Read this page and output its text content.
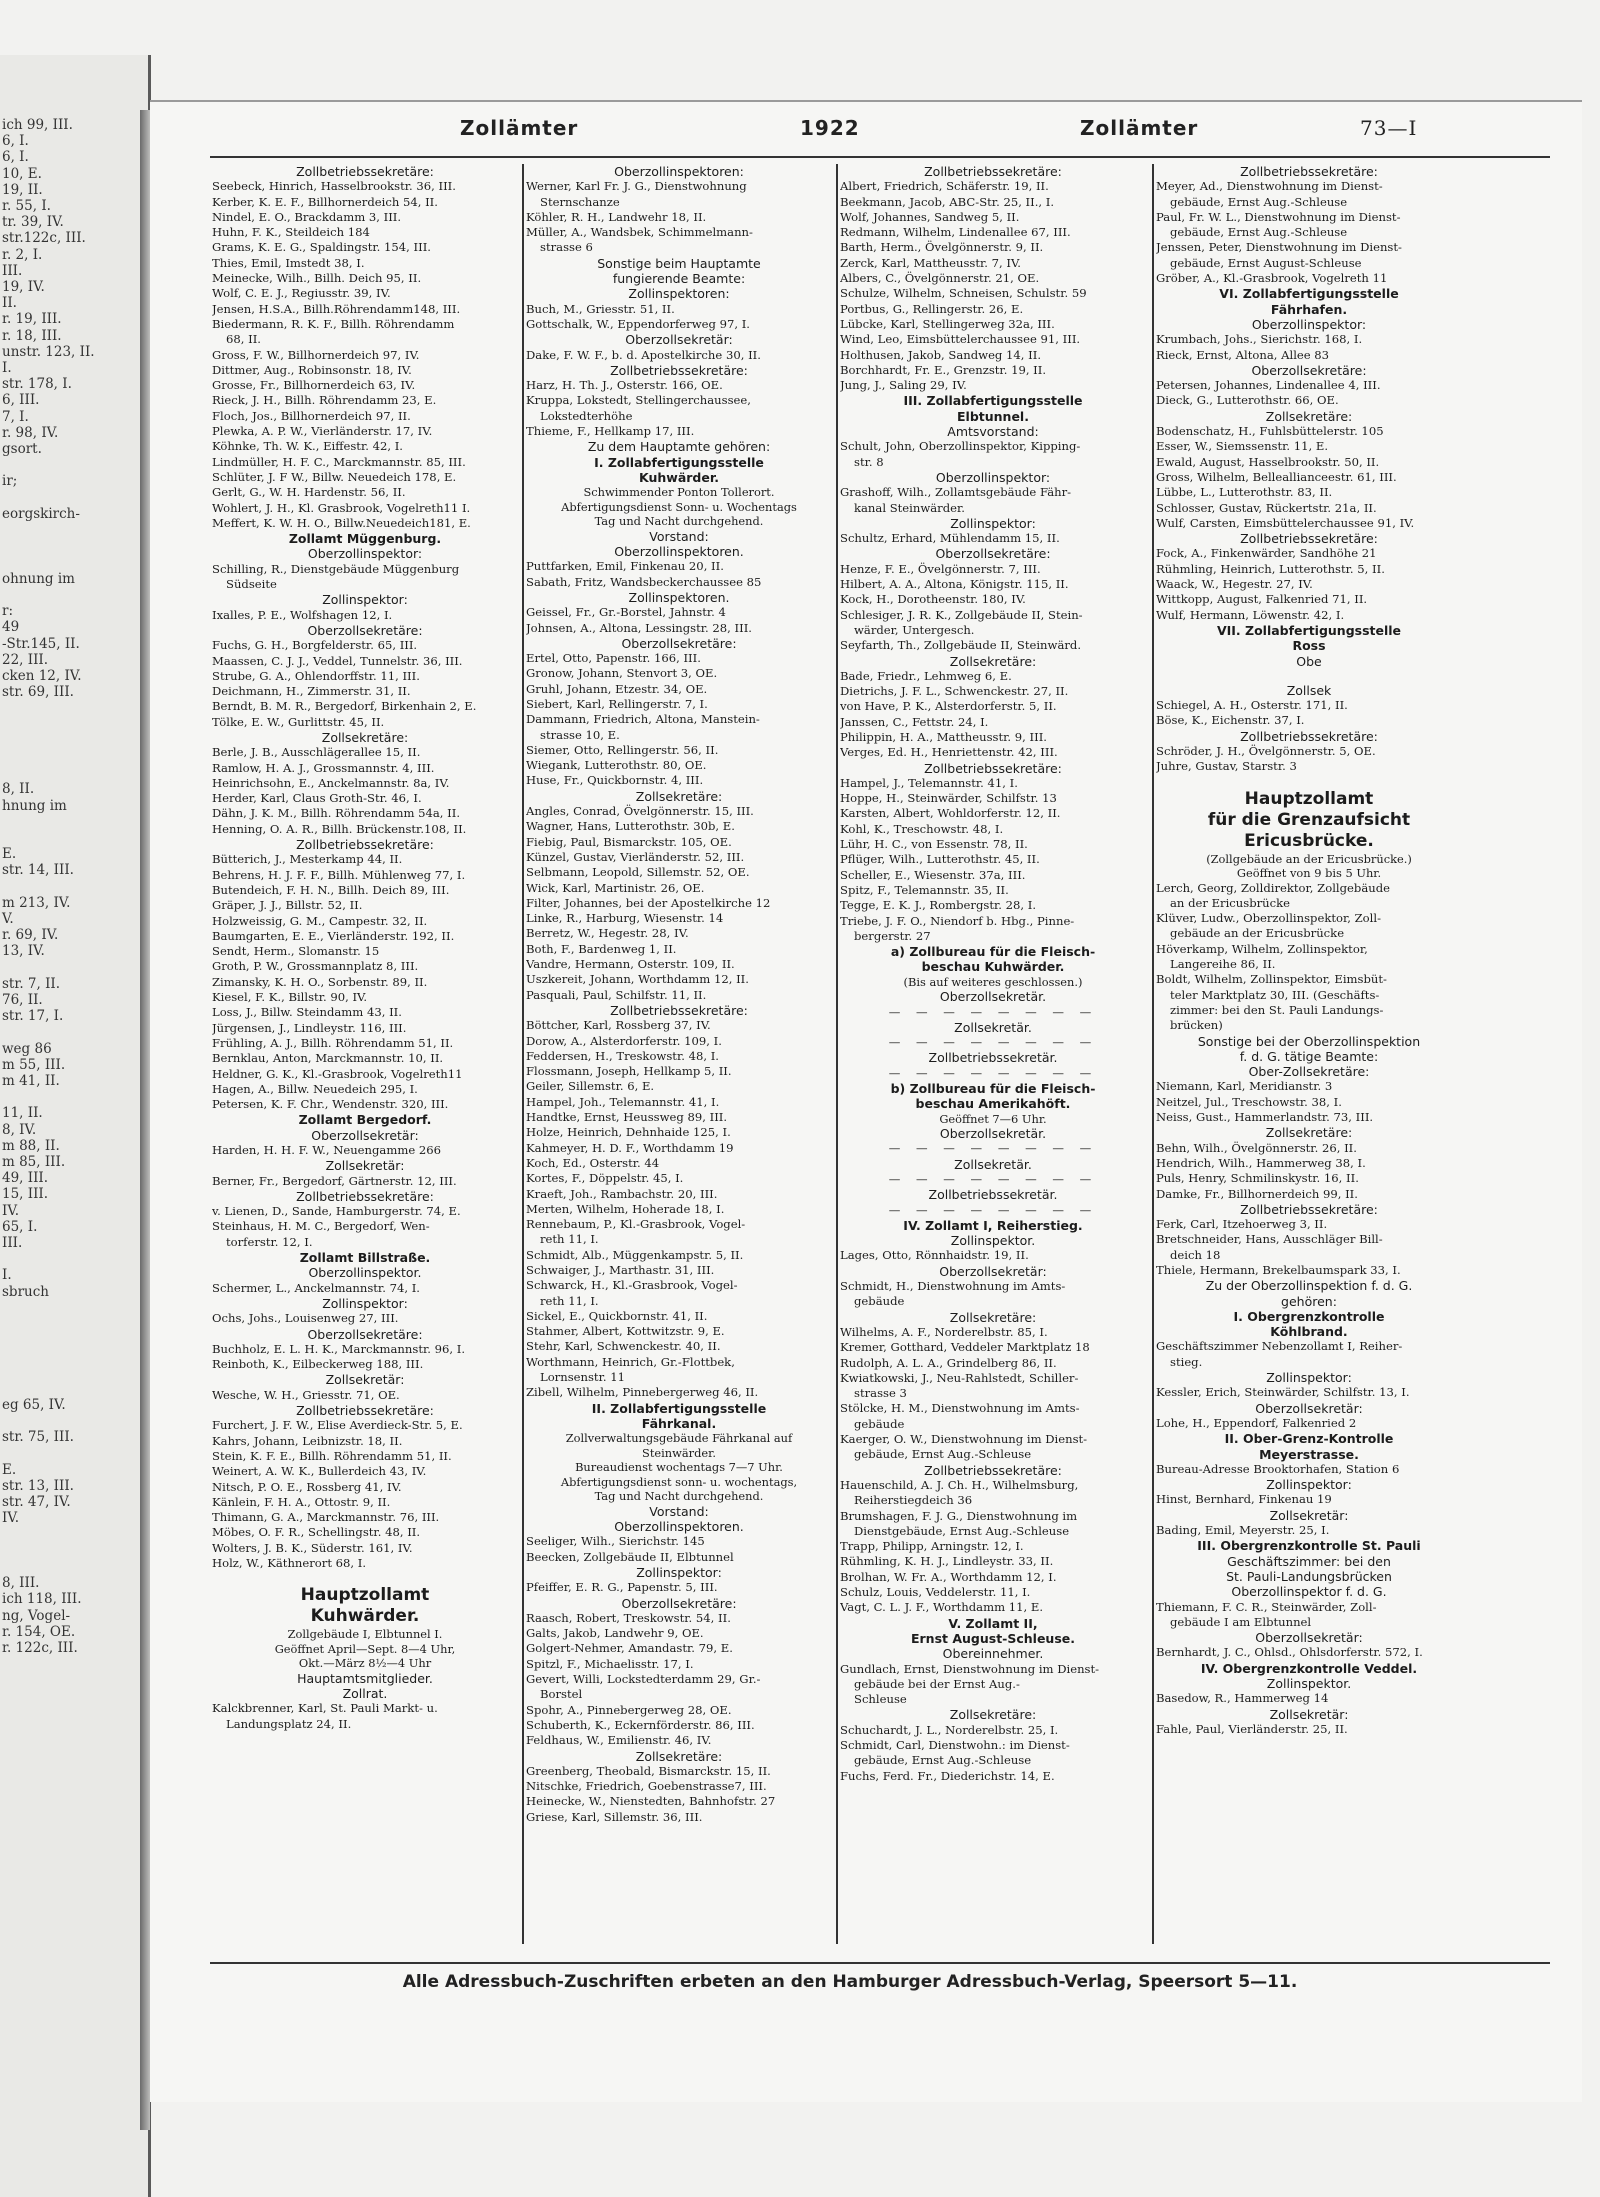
ich 99, III.
6, I.
6, I.
10, E.
19, II.
r. 55, I.
tr. 39, IV.
str.122c, III.
r. 2, I.
III.
19, IV.
II.
r. 19, III.
r. 18, III.
unstr. 123, II.
I.
str. 178, I.
6, III.
7, I.
r. 98, IV.
gsort.

ir;

eorgskirch-

ohnung im

r:
49
-Str.145, II.
22, III.
cken 12, IV.
str. 69, III.

8, II.
hnung im

E.
str. 14, III.

m 213, IV.
V.
r. 69, IV.
13, IV.

str. 7, II.
76, II.
str. 17, I.

weg 86
m 55, III.
m 41, II.

11, II.
8, IV.
m 88, II.
m 85, III.
49, III.
15, III.
IV.
65, I.
III.

I.
sbruch

eg 65, IV.

str. 75, III.

E.
str. 13, III.
str. 47, IV.
IV.

8, III.
ich 118, III.
ng, Vogel-
r. 154, OE.
r. 122c, III.
Zollämter	1922	Zollämter	73—I
Zollbetriebssekretäre:
Seebeck, Hinrich, Hasselbrookstr. 36, III.
Kerber, K. E. F., Billhornerdeich 54, II.
Nindel, E. O., Brackdamm 3, III.
Huhn, F. K., Steildeich 184
Grams, K. E. G., Spaldingstr. 154, III.
Thies, Emil, Imstedt 38, I.
Meinecke, Wilh., Billh. Deich 95, II.
Wolf, C. E. J., Regiusstr. 39, IV.
Jensen, H.S.A., Billh.Röhrendamm148, III.
Biedermann, R. K. F., Billh. Röhrendamm
68, II.
Gross, F. W., Billhornerdeich 97, IV.
Dittmer, Aug., Robinsonstr. 18, IV.
Grosse, Fr., Billhornerdeich 63, IV.
Rieck, J. H., Billh. Röhrendamm 23, E.
Floch, Jos., Billhornerdeich 97, II.
Plewka, A. P. W., Vierländerstr. 17, IV.
Köhnke, Th. W. K., Eiffestr. 42, I.
Lindmüller, H. F. C., Marckmannstr. 85, III.
Schlüter, J. F W., Billw. Neuedeich 178, E.
Gerlt, G., W. H. Hardenstr. 56, II.
Wohlert, J. H., Kl. Grasbrook, Vogelreth11 I.
Meffert, K. W. H. O., Billw.Neuedeich181, E.
Zollamt Müggenburg.
Oberzollinspektor:
Schilling, R., Dienstgebäude Müggenburg
Südseite
Zollinspektor:
Ixalles, P. E., Wolfshagen 12, I.
Oberzollsekretäre:
Fuchs, G. H., Borgfelderstr. 65, III.
Maassen, C. J. J., Veddel, Tunnelstr. 36, III.
Strube, G. A., Ohlendorffstr. 11, III.
Deichmann, H., Zimmerstr. 31, II.
Berndt, B. M. R., Bergedorf, Birkenhain 2, E.
Tölke, E. W., Gurlittstr. 45, II.
Zollsekretäre:
Berle, J. B., Ausschlägerallee 15, II.
Ramlow, H. A. J., Grossmannstr. 4, III.
Heinrichsohn, E., Anckelmannstr. 8a, IV.
Herder, Karl, Claus Groth-Str. 46, I.
Dähn, J. K. M., Billh. Röhrendamm 54a, II.
Henning, O. A. R., Billh. Brückenstr.108, II.
Zollbetriebssekretäre:
Bütterich, J., Mesterkamp 44, II.
Behrens, H. J. F. F., Billh. Mühlenweg 77, I.
Butendeich, F. H. N., Billh. Deich 89, III.
Gräper, J. J., Billstr. 52, II.
Holzweissig, G. M., Campestr. 32, II.
Baumgarten, E. E., Vierländerstr. 192, II.
Sendt, Herm., Slomanstr. 15
Groth, P. W., Grossmannplatz 8, III.
Zimansky, K. H. O., Sorbenstr. 89, II.
Kiesel, F. K., Billstr. 90, IV.
Loss, J., Billw. Steindamm 43, II.
Jürgensen, J., Lindleystr. 116, III.
Frühling, A. J., Billh. Röhrendamm 51, II.
Bernklau, Anton, Marckmannstr. 10, II.
Heldner, G. K., Kl.-Grasbrook, Vogelreth11
Hagen, A., Billw. Neuedeich 295, I.
Petersen, K. F. Chr., Wendenstr. 320, III.
Zollamt Bergedorf.
Oberzollsekretär:
Harden, H. H. F. W., Neuengamme 266
Zollsekretär:
Berner, Fr., Bergedorf, Gärtnerstr. 12, III.
Zollbetriebssekretäre:
v. Lienen, D., Sande, Hamburgerstr. 74, E.
Steinhaus, H. M. C., Bergedorf, Wen-
torferstr. 12, I.
Zollamt Billstraße.
Oberzollinspektor.
Schermer, L., Anckelmannstr. 74, I.
Zollinspektor:
Ochs, Johs., Louisenweg 27, III.
Oberzollsekretäre:
Buchholz, E. L. H. K., Marckmannstr. 96, I.
Reinboth, K., Eilbeckerweg 188, III.
Zollsekretär:
Wesche, W. H., Griesstr. 71, OE.
Zollbetriebssekretäre:
Furchert, J. F. W., Elise Averdieck-Str. 5, E.
Kahrs, Johann, Leibnizstr. 18, II.
Stein, K. F. E., Billh. Röhrendamm 51, II.
Weinert, A. W. K., Bullerdeich 43, IV.
Nitsch, P. O. E., Rossberg 41, IV.
Känlein, F. H. A., Ottostr. 9, II.
Thimann, G. A., Marckmannstr. 76, III.
Möbes, O. F. R., Schellingstr. 48, II.
Wolters, J. B. K., Süderstr. 161, IV.
Holz, W., Käthnerort 68, I.
Hauptzollamt
Kuhwärder.
Zollgebäude I, Elbtunnel I.
Geöffnet April—Sept. 8—4 Uhr,
Okt.—März 8½—4 Uhr
Hauptamtsmitglieder.
Zollrat.
Kalckbrenner, Karl, St. Pauli Markt- u.
Landungsplatz 24, II.
Oberzollinspektoren:
Werner, Karl Fr. J. G., Dienstwohnung
Sternschanze
Köhler, R. H., Landwehr 18, II.
Müller, A., Wandsbek, Schimmelmann-
strasse 6
Sonstige beim Hauptamte
fungierende Beamte:
Zollinspektoren:
Buch, M., Griesstr. 51, II.
Gottschalk, W., Eppendorferweg 97, I.
Oberzollsekretär:
Dake, F. W. F., b. d. Apostelkirche 30, II.
Zollbetriebssekretäre:
Harz, H. Th. J., Osterstr. 166, OE.
Kruppa, Lokstedt, Stellingerchaussee,
Lokstedterhöhe
Thieme, F., Hellkamp 17, III.
Zu dem Hauptamte gehören:
I. Zollabfertigungsstelle
Kuhwärder.
Schwimmender Ponton Tollerort.
Abfertigungsdienst Sonn- u. Wochentags
Tag und Nacht durchgehend.
Vorstand:
Oberzollinspektoren.
Puttfarken, Emil, Finkenau 20, II.
Sabath, Fritz, Wandsbeckerchaussee 85
Zollinspektoren.
Geissel, Fr., Gr.-Borstel, Jahnstr. 4
Johnsen, A., Altona, Lessingstr. 28, III.
Oberzollsekretäre:
Ertel, Otto, Papenstr. 166, III.
Gronow, Johann, Stenvort 3, OE.
Gruhl, Johann, Etzestr. 34, OE.
Siebert, Karl, Rellingerstr. 7, I.
Dammann, Friedrich, Altona, Manstein-
strasse 10, E.
Siemer, Otto, Rellingerstr. 56, II.
Wiegank, Lutterothstr. 80, OE.
Huse, Fr., Quickbornstr. 4, III.
Zollsekretäre:
Angles, Conrad, Övelgönnerstr. 15, III.
Wagner, Hans, Lutterothstr. 30b, E.
Fiebig, Paul, Bismarckstr. 105, OE.
Künzel, Gustav, Vierländerstr. 52, III.
Selbmann, Leopold, Sillemstr. 52, OE.
Wick, Karl, Martinistr. 26, OE.
Filter, Johannes, bei der Apostelkirche 12
Linke, R., Harburg, Wiesenstr. 14
Berretz, W., Hegestr. 28, IV.
Both, F., Bardenweg 1, II.
Vandre, Hermann, Osterstr. 109, II.
Uszkereit, Johann, Worthdamm 12, II.
Pasquali, Paul, Schilfstr. 11, II.
Zollbetriebssekretäre:
Böttcher, Karl, Rossberg 37, IV.
Dorow, A., Alsterdorferstr. 109, I.
Feddersen, H., Treskowstr. 48, I.
Flossmann, Joseph, Hellkamp 5, II.
Geiler, Sillemstr. 6, E.
Hampel, Joh., Telemannstr. 41, I.
Handtke, Ernst, Heussweg 89, III.
Holze, Heinrich, Dehnhaide 125, I.
Kahmeyer, H. D. F., Worthdamm 19
Koch, Ed., Osterstr. 44
Kortes, F., Döppelstr. 45, I.
Kraeft, Joh., Rambachstr. 20, III.
Merten, Wilhelm, Hoherade 18, I.
Rennebaum, P., Kl.-Grasbrook, Vogel-
reth 11, I.
Schmidt, Alb., Müggenkampstr. 5, II.
Schwaiger, J., Marthastr. 31, III.
Schwarck, H., Kl.-Grasbrook, Vogel-
reth 11, I.
Sickel, E., Quickbornstr. 41, II.
Stahmer, Albert, Kottwitzstr. 9, E.
Stehr, Karl, Schwenckestr. 40, II.
Worthmann, Heinrich, Gr.-Flottbek,
Lornsenstr. 11
Zibell, Wilhelm, Pinnebergerweg 46, II.
II. Zollabfertigungsstelle
Fährkanal.
Zollverwaltungsgebäude Fährkanal auf
Steinwärder.
Bureaudienst wochentags 7—7 Uhr.
Abfertigungsdienst sonn- u. wochentags,
Tag und Nacht durchgehend.
Vorstand:
Oberzollinspektoren.
Seeliger, Wilh., Sierichstr. 145
Beecken, Zollgebäude II, Elbtunnel
Zollinspektor:
Pfeiffer, E. R. G., Papenstr. 5, III.
Oberzollsekretäre:
Raasch, Robert, Treskowstr. 54, II.
Galts, Jakob, Landwehr 9, OE.
Golgert-Nehmer, Amandastr. 79, E.
Spitzl, F., Michaelisstr. 17, I.
Gevert, Willi, Lockstedterdamm 29, Gr.-
Borstel
Spohr, A., Pinnebergerweg 28, OE.
Schuberth, K., Eckernförderstr. 86, III.
Feldhaus, W., Emilienstr. 46, IV.
Zollsekretäre:
Greenberg, Theobald, Bismarckstr. 15, II.
Nitschke, Friedrich, Goebenstrasse7, III.
Heinecke, W., Nienstedten, Bahnhofstr. 27
Griese, Karl, Sillemstr. 36, III.
Zollbetriebssekretäre:
Albert, Friedrich, Schäferstr. 19, II.
Beekmann, Jacob, ABC-Str. 25, II., I.
Wolf, Johannes, Sandweg 5, II.
Redmann, Wilhelm, Lindenallee 67, III.
Barth, Herm., Övelgönnerstr. 9, II.
Zerck, Karl, Mattheusstr. 7, IV.
Albers, C., Övelgönnerstr. 21, OE.
Schulze, Wilhelm, Schneisen, Schulstr. 59
Portbus, G., Rellingerstr. 26, E.
Lübcke, Karl, Stellingerweg 32a, III.
Wind, Leo, Eimsbüttelerchaussee 91, III.
Holthusen, Jakob, Sandweg 14, II.
Borchhardt, Fr. E., Grenzstr. 19, II.
Jung, J., Saling 29, IV.
III. Zollabfertigungsstelle
Elbtunnel.
Amtsvorstand:
Schult, John, Oberzollinspektor, Kipping-
str. 8
Oberzollinspektor:
Grashoff, Wilh., Zollamtsgebäude Fähr-
kanal Steinwärder.
Zollinspektor:
Schultz, Erhard, Mühlendamm 15, II.
Oberzollsekretäre:
Henze, F. E., Övelgönnerstr. 7, III.
Hilbert, A. A., Altona, Königstr. 115, II.
Kock, H., Dorotheenstr. 180, IV.
Schlesiger, J. R. K., Zollgebäude II, Stein-
wärder, Untergesch.
Seyfarth, Th., Zollgebäude II, Steinwärd.
Zollsekretäre:
Bade, Friedr., Lehmweg 6, E.
Dietrichs, J. F. L., Schwenckestr. 27, II.
von Have, P. K., Alsterdorferstr. 5, II.
Janssen, C., Fettstr. 24, I.
Philippin, H. A., Mattheusstr. 9, III.
Verges, Ed. H., Henriettenstr. 42, III.
Zollbetriebssekretäre:
Hampel, J., Telemannstr. 41, I.
Hoppe, H., Steinwärder, Schilfstr. 13
Karsten, Albert, Wohldorferstr. 12, II.
Kohl, K., Treschowstr. 48, I.
Lühr, H. C., von Essenstr. 78, II.
Pflüger, Wilh., Lutterothstr. 45, II.
Scheller, E., Wiesenstr. 37a, III.
Spitz, F., Telemannstr. 35, II.
Tegge, E. K. J., Rombergstr. 28, I.
Triebe, J. F. O., Niendorf b. Hbg., Pinne-
bergerstr. 27
a) Zollbureau für die Fleisch-
beschau Kuhwärder.
(Bis auf weiteres geschlossen.)
Oberzollsekretär.
— — — — — — — —
Zollsekretär.
— — — — — — — —
Zollbetriebssekretär.
— — — — — — — —
b) Zollbureau für die Fleisch-
beschau Amerikahöft.
Geöffnet 7—6 Uhr.
Oberzollsekretär.
— — — — — — — —
Zollsekretär.
— — — — — — — —
Zollbetriebssekretär.
— — — — — — — —
IV. Zollamt I, Reiherstieg.
Zollinspektor.
Lages, Otto, Rönnhaidstr. 19, II.
Oberzollsekretär:
Schmidt, H., Dienstwohnung im Amts-
gebäude
Zollsekretäre:
Wilhelms, A. F., Norderelbstr. 85, I.
Kremer, Gotthard, Veddeler Marktplatz 18
Rudolph, A. L. A., Grindelberg 86, II.
Kwiatkowski, J., Neu-Rahlstedt, Schiller-
strasse 3
Stölcke, H. M., Dienstwohnung im Amts-
gebäude
Kaerger, O. W., Dienstwohnung im Dienst-
gebäude, Ernst Aug.-Schleuse
Zollbetriebssekretäre:
Hauenschild, A. J. Ch. H., Wilhelmsburg,
Reiherstiegdeich 36
Brumshagen, F. J. G., Dienstwohnung im
Dienstgebäude, Ernst Aug.-Schleuse
Trapp, Philipp, Arningstr. 12, I.
Rühmling, K. H. J., Lindleystr. 33, II.
Brolhan, W. Fr. A., Worthdamm 12, I.
Schulz, Louis, Veddelerstr. 11, I.
Vagt, C. L. J. F., Worthdamm 11, E.
V. Zollamt II,
Ernst August-Schleuse.
Obereinnehmer.
Gundlach, Ernst, Dienstwohnung im Dienst-
gebäude bei der Ernst Aug.-
Schleuse
Zollsekretäre:
Schuchardt, J. L., Norderelbstr. 25, I.
Schmidt, Carl, Dienstwohn.: im Dienst-
gebäude, Ernst Aug.-Schleuse
Fuchs, Ferd. Fr., Diederichstr. 14, E.
Zollbetriebssekretäre:
Meyer, Ad., Dienstwohnung im Dienst-
gebäude, Ernst Aug.-Schleuse
Paul, Fr. W. L., Dienstwohnung im Dienst-
gebäude, Ernst Aug.-Schleuse
Jenssen, Peter, Dienstwohnung im Dienst-
gebäude, Ernst August-Schleuse
Gröber, A., Kl.-Grasbrook, Vogelreth 11
VI. Zollabfertigungsstelle
Fährhafen.
Oberzollinspektor:
Krumbach, Johs., Sierichstr. 168, I.
Rieck, Ernst, Altona, Allee 83
Oberzollsekretäre:
Petersen, Johannes, Lindenallee 4, III.
Dieck, G., Lutterothstr. 66, OE.
Zollsekretäre:
Bodenschatz, H., Fuhlsbüttelerstr. 105
Esser, W., Siemssenstr. 11, E.
Ewald, August, Hasselbrookstr. 50, II.
Gross, Wilhelm, Belleallianceestr. 61, III.
Lübbe, L., Lutterothstr. 83, II.
Schlosser, Gustav, Rückertstr. 21a, II.
Wulf, Carsten, Eimsbüttelerchaussee 91, IV.
Zollbetriebssekretäre:
Fock, A., Finkenwärder, Sandhöhe 21
Rühmling, Heinrich, Lutterothstr. 5, II.
Waack, W., Hegestr. 27, IV.
Wittkopp, August, Falkenried 71, II.
Wulf, Hermann, Löwenstr. 42, I.
VII. Zollabfertigungsstelle
Ross
Obe
Zollsek
Schiegel, A. H., Osterstr. 171, II.
Böse, K., Eichenstr. 37, I.
Zollbetriebssekretäre:
Schröder, J. H., Övelgönnerstr. 5, OE.
Juhre, Gustav, Starstr. 3
Hauptzollamt
für die Grenzaufsicht
Ericusbrücke.
(Zollgebäude an der Ericusbrücke.)
Geöffnet von 9 bis 5 Uhr.
Lerch, Georg, Zolldirektor, Zollgebäude
an der Ericusbrücke
Klüver, Ludw., Oberzollinspektor, Zoll-
gebäude an der Ericusbrücke
Höverkamp, Wilhelm, Zollinspektor,
Langereihe 86, II.
Boldt, Wilhelm, Zollinspektor, Eimsbüt-
teler Marktplatz 30, III. (Geschäfts-
zimmer: bei den St. Pauli Landungs-
brücken)
Sonstige bei der Oberzollinspektion
f. d. G. tätige Beamte:
Ober-Zollsekretäre:
Niemann, Karl, Meridianstr. 3
Neitzel, Jul., Treschowstr. 38, I.
Neiss, Gust., Hammerlandstr. 73, III.
Zollsekretäre:
Behn, Wilh., Övelgönnerstr. 26, II.
Hendrich, Wilh., Hammerweg 38, I.
Puls, Henry, Schmilinskystr. 16, II.
Damke, Fr., Billhornerdeich 99, II.
Zollbetriebssekretäre:
Ferk, Carl, Itzehoerweg 3, II.
Bretschneider, Hans, Ausschläger Bill-
deich 18
Thiele, Hermann, Brekelbaumspark 33, I.
Zu der Oberzollinspektion f. d. G.
gehören:
I. Obergrenzkontrolle
Köhlbrand.
Geschäftszimmer Nebenzollamt I, Reiher-
stieg.
Zollinspektor:
Kessler, Erich, Steinwärder, Schilfstr. 13, I.
Oberzollsekretär:
Lohe, H., Eppendorf, Falkenried 2
II. Ober-Grenz-Kontrolle
Meyerstrasse.
Bureau-Adresse Brooktorhafen, Station 6
Zollinspektor:
Hinst, Bernhard, Finkenau 19
Zollsekretär:
Bading, Emil, Meyerstr. 25, I.
III. Obergrenzkontrolle St. Pauli
Geschäftszimmer: bei den
St. Pauli-Landungsbrücken
Oberzollinspektor f. d. G.
Thiemann, F. C. R., Steinwärder, Zoll-
gebäude I am Elbtunnel
Oberzollsekretär:
Bernhardt, J. C., Ohlsd., Ohlsdorferstr. 572, I.
IV. Obergrenzkontrolle Veddel.
Zollinspektor.
Basedow, R., Hammerweg 14
Zollsekretär:
Fahle, Paul, Vierländerstr. 25, II.
Alle Adressbuch-Zuschriften erbeten an den Hamburger Adressbuch-Verlag, Speersort 5—11.
